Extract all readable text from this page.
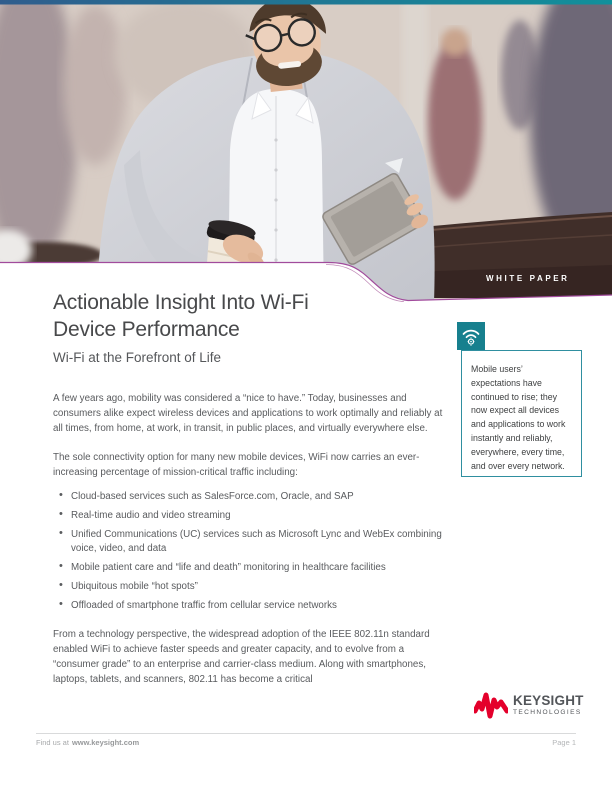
WHITE PAPER
Actionable Insight Into Wi-Fi
Device Performance
Wi-Fi at the Forefront of Life
Mobile users’ expectations have continued to rise; they now expect all devices and applications to work instantly and reliably, everywhere, every time, and over every network.

A few years ago, mobility was considered a “nice to have.” Today, businesses and consumers alike expect wireless devices and applications to work optimally and reliably at all times, from home, at work, in transit, in public places, and virtually everywhere else.

The sole connectivity option for many new mobile devices, WiFi now carries an ever-increasing percentage of mission-critical traffic including:

• Cloud-based services such as SalesForce.com, Oracle, and SAP
• Real-time audio and video streaming
• Unified Communications (UC) services such as Microsoft Lync and WebEx combining voice, video, and data
• Mobile patient care and “life and death” monitoring in healthcare facilities
• Ubiquitous mobile “hot spots”
• Offloaded of smartphone traffic from cellular service networks

From a technology perspective, the widespread adoption of the IEEE 802.11n standard enabled WiFi to achieve faster speeds and greater capacity, and to evolve from a “consumer grade” to an enterprise and carrier-class medium. Along with smartphones, laptops, tablets, and scanners, 802.11 has become a critical

KEYSIGHT
TECHNOLOGIES
Find us at www.keysight.com	Page 1
